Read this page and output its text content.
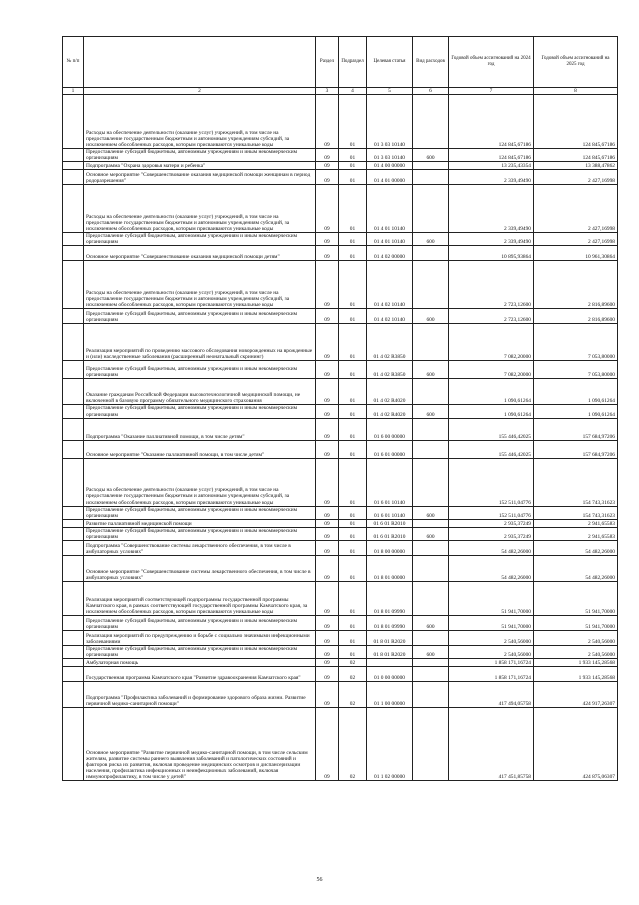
№ п/п		Раздел	Подраздел	Целевая статья	Вид расходов	Годовой объем ассигнований на 2024 год	Годовой объем ассигнований на 2025 год
1	2	3	4	5	6	7	8
	Расходы на обеспечение деятельности (оказание услуг) учреждений, в том числе на предоставление государственным бюджетным и автономным учреждениям субсидий, за исключением обособленных расходов, которым присваиваются уникальные коды	09	01	01 3 03 10140		124 845,67186	124 845,67186
	Предоставление субсидий бюджетным, автономным учреждениям и иным некоммерческим организациям	09	01	01 3 03 10140	600	124 845,67186	124 845,67186
	Подпрограмма "Охрана здоровья матери и ребенка"	09	01	01 4 00 00000		13 235,43354	13 388,47862
	Основное мероприятие "Совершенствование оказания медицинской помощи женщинам в период родоразрешения"	09	01	01 4 01 00000		2 339,49490	2 427,16998
	Расходы на обеспечение деятельности (оказание услуг) учреждений, в том числе на предоставление государственным бюджетным и автономным учреждениям субсидий, за исключением обособленных расходов, которым присваиваются уникальные коды	09	01	01 4 01 10140		2 339,49490	2 427,16998
	Предоставление субсидий бюджетным, автономным учреждениям и иным некоммерческим организациям	09	01	01 4 01 10140	600	2 339,49490	2 427,16998
	Основное мероприятие "Совершенствование оказания медицинской помощи детям"	09	01	01 4 02 00000		10 895,93864	10 961,30864
	Расходы на обеспечение деятельности (оказание услуг) учреждений, в том числе на предоставление государственным бюджетным и автономным учреждениям субсидий, за исключением обособленных расходов, которым присваиваются уникальные коды	09	01	01 4 02 10140		2 723,12600	2 816,89600
	Предоставление субсидий бюджетным, автономным учреждениям и иным некоммерческим организациям	09	01	01 4 02 10140	600	2 723,12600	2 816,89600
	Реализация мероприятий по проведению массового обследования новорожденных на врожденные и (или) наследственные заболевания (расширенный неонатальный скрининг)	09	01	01 4 02 R3850		7 082,20000	7 053,80000
	Предоставление субсидий бюджетным, автономным учреждениям и иным некоммерческим организациям	09	01	01 4 02 R3850	600	7 082,20000	7 053,80000
	Оказание гражданам Российской Федерации высокотехнологичной медицинской помощи, не включенной в базовую программу обязательного медицинского страхования	09	01	01 4 02 R4020		1 090,61264	1 090,61264
	Предоставление субсидий бюджетным, автономным учреждениям и иным некоммерческим организациям	09	01	01 4 02 R4020	600	1 090,61264	1 090,61264
	Подпрограмма "Оказание паллиативной помощи, в том числе детям"	09	01	01 6 00 00000		155 446,42025	157 684,97206
	Основное мероприятие "Оказание паллиативной помощи, в том числе детям"	09	01	01 6 01 00000		155 446,42025	157 684,97206
	Расходы на обеспечение деятельности (оказание услуг) учреждений, в том числе на предоставление государственным бюджетным и автономным учреждениям субсидий, за исключением обособленных расходов, которым присваиваются уникальные коды	09	01	01 6 01 10140		152 511,04776	154 743,31623
	Предоставление субсидий бюджетным, автономным учреждениям и иным некоммерческим организациям	09	01	01 6 01 10140	600	152 511,04776	154 743,31623
	Развитие паллиативной медицинской помощи	09	01	01 6 01 R2010		2 935,37249	2 941,65583
	Предоставление субсидий бюджетным, автономным учреждениям и иным некоммерческим организациям	09	01	01 6 01 R2010	600	2 935,37249	2 941,65583
	Подпрограмма "Совершенствование системы лекарственного обеспечения, в том числе в амбулаторных условиях"	09	01	01 8 00 00000		54 482,26000	54 482,26000
	Основное мероприятие "Совершенствование системы лекарственного обеспечения, в том числе в амбулаторных условиях"	09	01	01 8 01 00000		54 482,26000	54 482,26000
	Реализация мероприятий соответствующей подпрограммы государственной программы Камчатского края, в рамках соответствующей государственной программы Камчатского края, за исключением обособленных расходов, которым присваиваются уникальные коды	09	01	01 8 01 09990		51 941,70000	51 941,70000
	Предоставление субсидий бюджетным, автономным учреждениям и иным некоммерческим организациям	09	01	01 8 01 09990	600	51 941,70000	51 941,70000
	Реализация мероприятий по предупреждению и борьбе с социально значимыми инфекционными заболеваниями	09	01	01 8 01 R2020		2 540,56000	2 540,56000
	Предоставление субсидий бюджетным, автономным учреждениям и иным некоммерческим организациям	09	01	01 8 01 R2020	600	2 540,56000	2 540,56000
	Амбулаторная помощь	09	02			1 858 171,16724	1 933 145,28568
	Государственная программа Камчатского края "Развитие здравоохранения Камчатского края"	09	02	01 0 00 00000		1 858 171,16724	1 933 145,28568
	Подпрограмма "Профилактика заболеваний и формирование здорового образа жизни. Развитие первичной медико-санитарной помощи"	09	02	01 1 00 00000		417 494,05758	424 917,26307
	Основное мероприятие "Развитие первичной медико-санитарной помощи, в том числе сельским жителям, развитие системы раннего выявления заболеваний и патологических состояний и факторов риска их развития, включая проведение медицинских осмотров и диспансеризации населения, профилактика инфекционных и неинфекционных заболеваний, включая иммунопрофилактику, в том числе у детей"	09	02	01 1 02 00000		417 451,85758	424 875,06307
56
